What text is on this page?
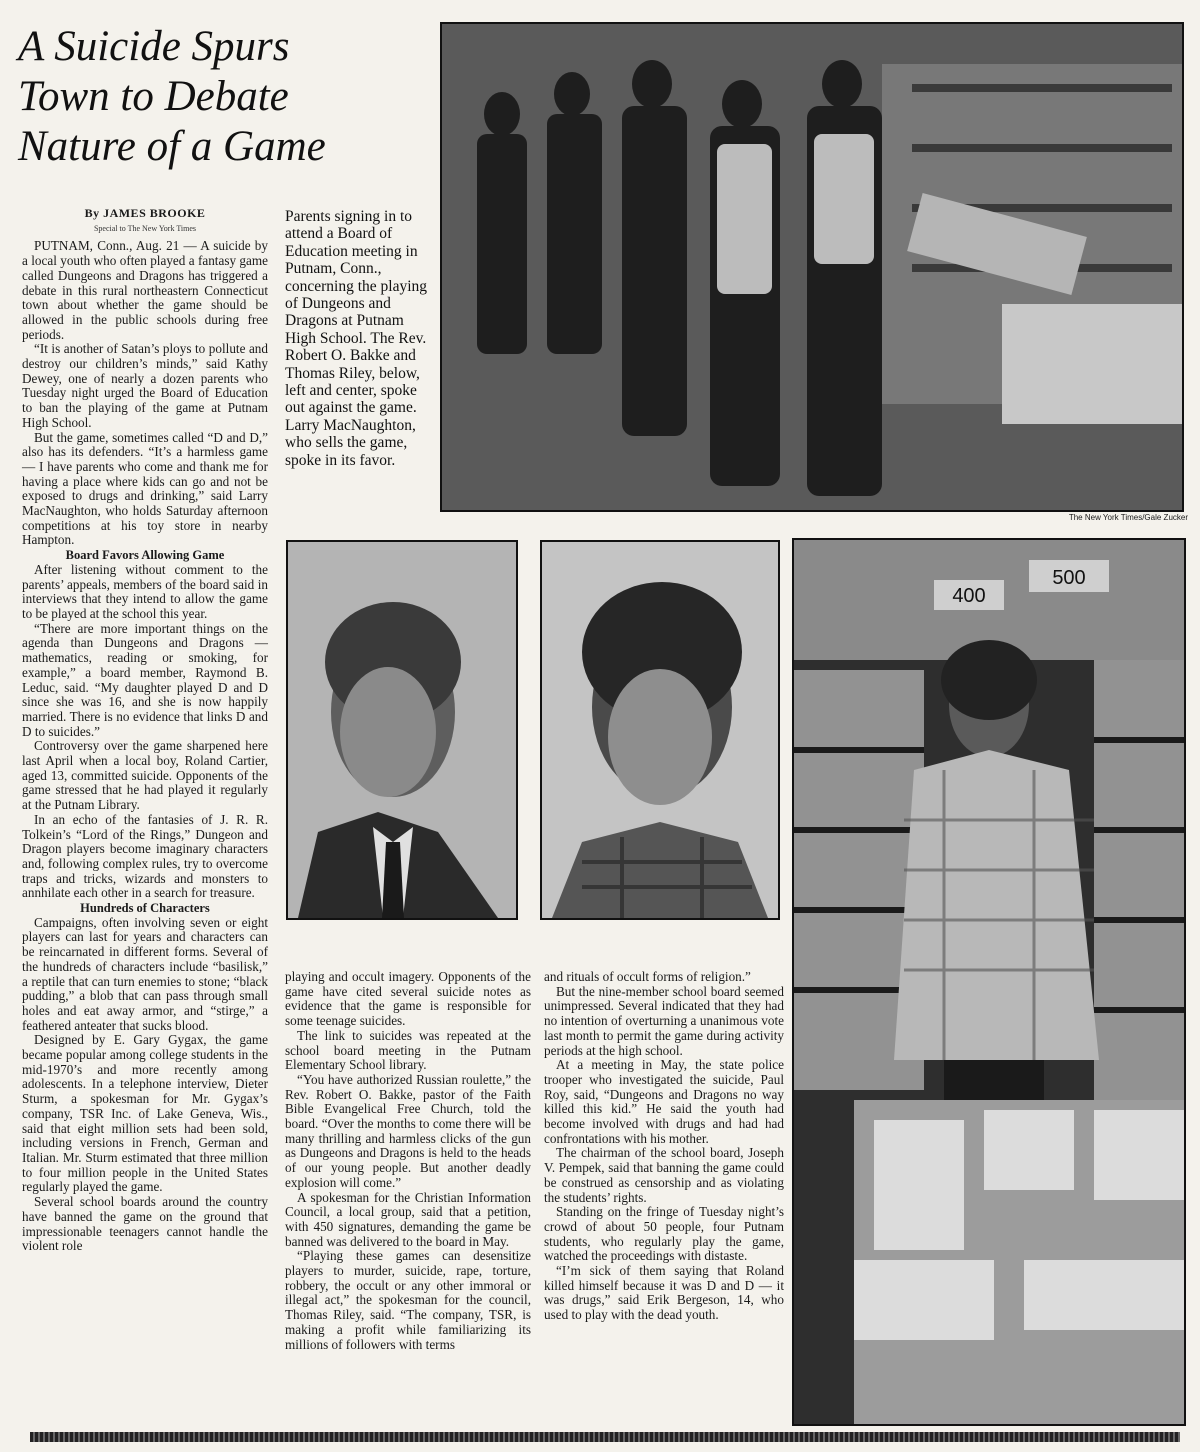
A Suicide Spurs
Town to Debate
Nature of a Game
By JAMES BROOKE
Special to The New York Times

PUTNAM, Conn., Aug. 21 — A suicide by a local youth who often played a fantasy game called Dungeons and Dragons has triggered a debate in this rural northeastern Connecticut town about whether the game should be allowed in the public schools during free periods.

“It is another of Satan’s ploys to pollute and destroy our children’s minds,” said Kathy Dewey, one of nearly a dozen parents who Tuesday night urged the Board of Education to ban the playing of the game at Putnam High School.

But the game, sometimes called “D and D,” also has its defenders. “It’s a harmless game — I have parents who come and thank me for having a place where kids can go and not be exposed to drugs and drinking,” said Larry MacNaughton, who holds Saturday afternoon competitions at his toy store in nearby Hampton.

Board Favors Allowing Game

After listening without comment to the parents’ appeals, members of the board said in interviews that they intend to allow the game to be played at the school this year.

“There are more important things on the agenda than Dungeons and Dragons — mathematics, reading or smoking, for example,” a board member, Raymond B. Leduc, said. “My daughter played D and D since she was 16, and she is now happily married. There is no evidence that links D and D to suicides.”

Controversy over the game sharpened here last April when a local boy, Roland Cartier, aged 13, committed suicide. Opponents of the game stressed that he had played it regularly at the Putnam Library.

In an echo of the fantasies of J. R. R. Tolkein’s “Lord of the Rings,” Dungeon and Dragon players become imaginary characters and, following complex rules, try to overcome traps and tricks, wizards and monsters to annhilate each other in a search for treasure.

Hundreds of Characters

Campaigns, often involving seven or eight players can last for years and characters can be reincarnated in different forms. Several of the hundreds of characters include “basilisk,” a reptile that can turn enemies to stone; “black pudding,” a blob that can pass through small holes and eat away armor, and “stirge,” a feathered anteater that sucks blood.

Designed by E. Gary Gygax, the game became popular among college students in the mid-1970’s and more recently among adolescents. In a telephone interview, Dieter Sturm, a spokesman for Mr. Gygax’s company, TSR Inc. of Lake Geneva, Wis., said that eight million sets had been sold, including versions in French, German and Italian. Mr. Sturm estimated that three million to four million people in the United States regularly played the game.

Several school boards around the country have banned the game on the ground that impressionable teenagers cannot handle the violent role

Parents signing in to attend a Board of Education meeting in Putnam, Conn., concerning the playing of Dungeons and Dragons at Putnam High School. The Rev. Robert O. Bakke and Thomas Riley, below, left and center, spoke out against the game. Larry MacNaughton, who sells the game, spoke in its favor.
The New York Times/Gale Zucker
400
500

playing and occult imagery. Opponents of the game have cited several suicide notes as evidence that the game is responsible for some teenage suicides.

The link to suicides was repeated at the school board meeting in the Putnam Elementary School library.

“You have authorized Russian roulette,” the Rev. Robert O. Bakke, pastor of the Faith Bible Evangelical Free Church, told the board. “Over the months to come there will be many thrilling and harmless clicks of the gun as Dungeons and Dragons is held to the heads of our young people. But another deadly explosion will come.”

A spokesman for the Christian Information Council, a local group, said that a petition, with 450 signatures, demanding the game be banned was delivered to the board in May.

“Playing these games can desensitize players to murder, suicide, rape, torture, robbery, the occult or any other immoral or illegal act,” the spokesman for the council, Thomas Riley, said. “The company, TSR, is making a profit while familiarizing its millions of followers with terms

and rituals of occult forms of religion.”

But the nine-member school board seemed unimpressed. Several indicated that they had no intention of overturning a unanimous vote last month to permit the game during activity periods at the high school.

At a meeting in May, the state police trooper who investigated the suicide, Paul Roy, said, “Dungeons and Dragons no way killed this kid.” He said the youth had become involved with drugs and had had confrontations with his mother.

The chairman of the school board, Joseph V. Pempek, said that banning the game could be construed as censorship and as violating the students’ rights.

Standing on the fringe of Tuesday night’s crowd of about 50 people, four Putnam students, who regularly play the game, watched the proceedings with distaste.

“I’m sick of them saying that Roland killed himself because it was D and D — it was drugs,” said Erik Bergeson, 14, who used to play with the dead youth.
